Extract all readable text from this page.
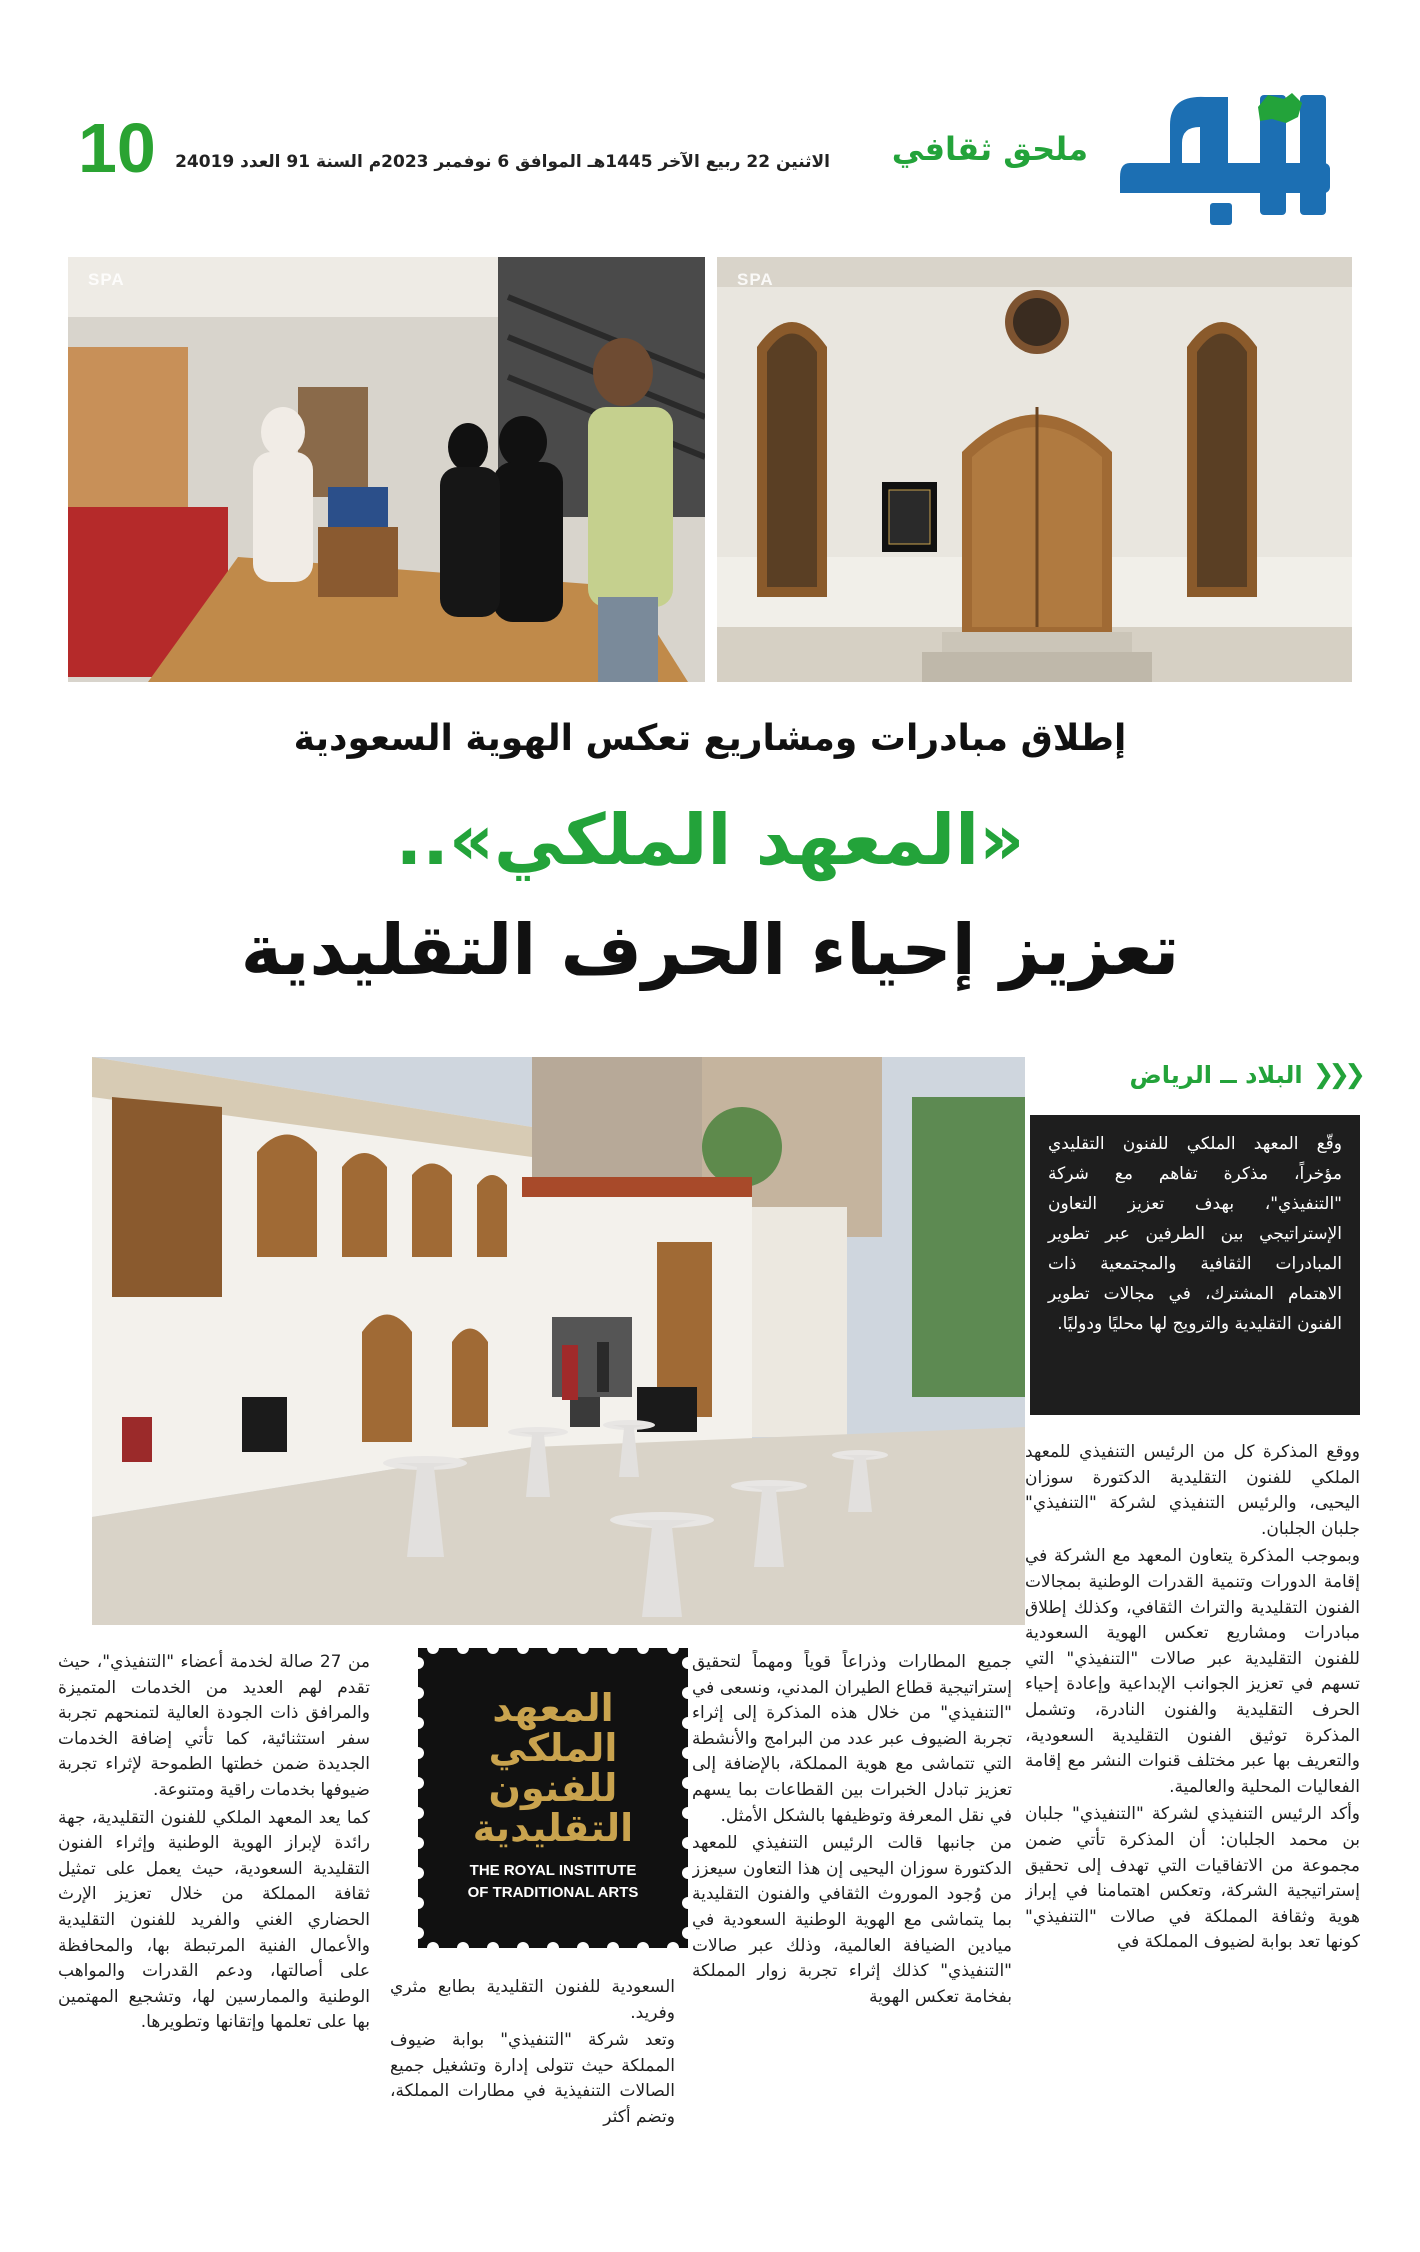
ملحق ثقافي
الاثنين 22 ربيع الآخر 1445هـ الموافق 6 نوفمبر 2023م السنة 91 العدد 24019
10
SPA
SPA
إطلاق مبادرات ومشاريع تعكس الهوية السعودية
«المعهد الملكي»..
تعزيز إحياء الحرف التقليدية
❮❮❮
البلاد ــ الرياض
وقّع المعهد الملكي للفنون التقليدي مؤخراً، مذكرة تفاهم مع شركة "التنفيذي"، بهدف تعزيز التعاون الإستراتيجي بين الطرفين عبر تطوير المبادرات الثقافية والمجتمعية ذات الاهتمام المشترك، في مجالات تطوير الفنون التقليدية والترويج لها محليًا ودوليًا.

ووقع المذكرة كل من الرئيس التنفيذي للمعهد الملكي للفنون التقليدية الدكتورة سوزان اليحيى، والرئيس التنفيذي لشركة "التنفيذي" جلبان الجلبان.

وبموجب المذكرة يتعاون المعهد مع الشركة في إقامة الدورات وتنمية القدرات الوطنية بمجالات الفنون التقليدية والتراث الثقافي، وكذلك إطلاق مبادرات ومشاريع تعكس الهوية السعودية للفنون التقليدية عبر صالات "التنفيذي" التي تسهم في تعزيز الجوانب الإبداعية وإعادة إحياء الحرف التقليدية والفنون النادرة، وتشمل المذكرة توثيق الفنون التقليدية السعودية، والتعريف بها عبر مختلف قنوات النشر مع إقامة الفعاليات المحلية والعالمية.

وأكد الرئيس التنفيذي لشركة "التنفيذي" جلبان بن محمد الجلبان: أن المذكرة تأتي ضمن مجموعة من الاتفاقيات التي تهدف إلى تحقيق إستراتيجية الشركة، وتعكس اهتمامنا في إبراز هوية وثقافة المملكة في صالات "التنفيذي" كونها تعد بوابة لضيوف المملكة في

جميع المطارات وذراعاً قوياً ومهماً لتحقيق إستراتيجية قطاع الطيران المدني، ونسعى في "التنفيذي" من خلال هذه المذكرة إلى إثراء تجربة الضيوف عبر عدد من البرامج والأنشطة التي تتماشى مع هوية المملكة، بالإضافة إلى تعزيز تبادل الخبرات بين القطاعات بما يسهم في نقل المعرفة وتوظيفها بالشكل الأمثل.

من جانبها قالت الرئيس التنفيذي للمعهد الدكتورة سوزان اليحيى إن هذا التعاون سيعزز من وُجود الموروث الثقافي والفنون التقليدية بما يتماشى مع الهوية الوطنية السعودية في ميادين الضيافة العالمية، وذلك عبر صالات "التنفيذي" كذلك إثراء تجربة زوار المملكة بفخامة تعكس الهوية

السعودية للفنون التقليدية بطابع مثري وفريد.

وتعد شركة "التنفيذي" بوابة ضيوف المملكة حيث تتولى إدارة وتشغيل جميع الصالات التنفيذية في مطارات المملكة، وتضم أكثر

من 27 صالة لخدمة أعضاء "التنفيذي"، حيث تقدم لهم العديد من الخدمات المتميزة والمرافق ذات الجودة العالية لتمنحهم تجربة سفر استثنائية، كما تأتي إضافة الخدمات الجديدة ضمن خطتها الطموحة لإثراء تجربة ضيوفها بخدمات راقية ومتنوعة.

كما يعد المعهد الملكي للفنون التقليدية، جهة رائدة لإبراز الهوية الوطنية وإثراء الفنون التقليدية السعودية، حيث يعمل على تمثيل ثقافة المملكة من خلال تعزيز الإرث الحضاري الغني والفريد للفنون التقليدية والأعمال الفنية المرتبطة بها، والمحافظة على أصالتها، ودعم القدرات والمواهب الوطنية والممارسين لها، وتشجيع المهتمين بها على تعلمها وإتقانها وتطويرها.

المعهد
الملكي
للفنون
التقليدية
THE ROYAL INSTITUTE
OF TRADITIONAL ARTS
